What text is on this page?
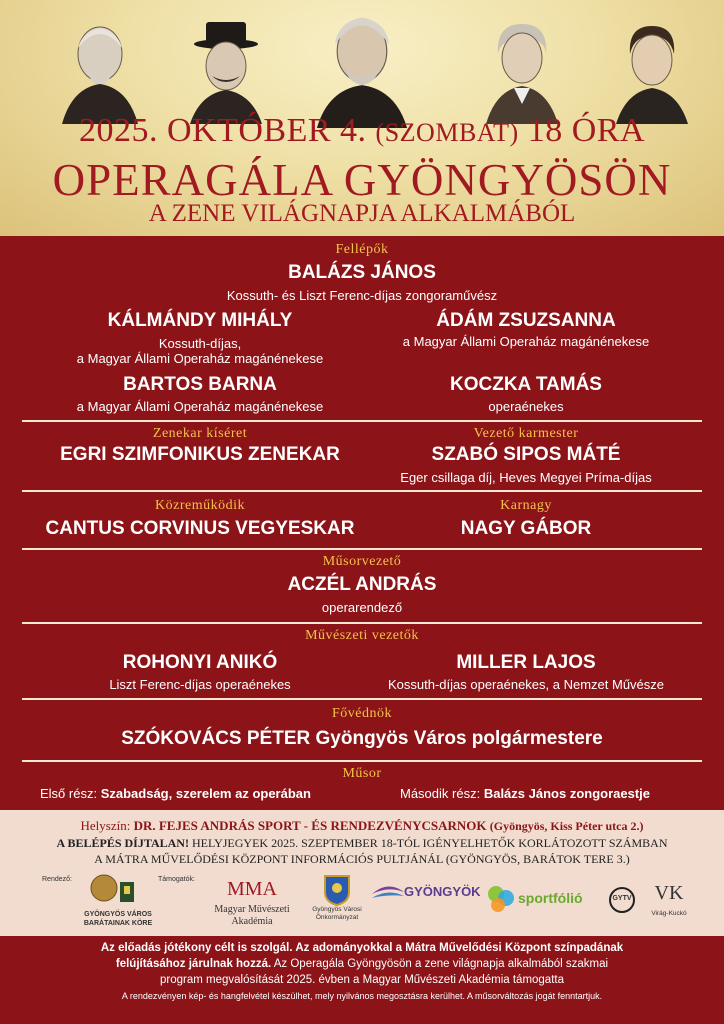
2025. OKTÓBER 4. (SZOMBAT) 18 ÓRA
OPERAGÁLA GYÖNGYÖSÖN
A ZENE VILÁGNAPJA ALKALMÁBÓL
Fellépők
BALÁZS JÁNOS
Kossuth- és Liszt Ferenc-díjas zongoraművész
KÁLMÁNDY MIHÁLY
Kossuth-díjas,
a Magyar Állami Operaház magánénekese
ÁDÁM ZSUZSANNA
a Magyar Állami Operaház magánénekese
BARTOS BARNA
a Magyar Állami Operaház magánénekese
KOCZKA TAMÁS
operaénekes
Zenekar kíséret
EGRI SZIMFONIKUS ZENEKAR
Vezető karmester
SZABÓ SIPOS MÁTÉ
Eger csillaga díj, Heves Megyei Príma-díjas
Közreműködik
CANTUS CORVINUS VEGYESKAR
Karnagy
NAGY GÁBOR
Műsorvezető
ACZÉL ANDRÁS
operarendező
Művészeti vezetők
ROHONYI ANIKÓ
Liszt Ferenc-díjas operaénekes
MILLER LAJOS
Kossuth-díjas operaénekes, a Nemzet Művésze
Fővédnök
SZÓKOVÁCS PÉTER Gyöngyös Város polgármestere
Műsor
Első rész: Szabadság, szerelem az operában	Második rész: Balázs János zongoraestje
Helyszín: DR. FEJES ANDRÁS SPORT - ÉS RENDEZVÉNYCSARNOK (Gyöngyös, Kiss Péter utca 2.)
A BELÉPÉS DÍJTALAN! HELYJEGYEK 2025. SZEPTEMBER 18-TÓL IGÉNYELHETŐK KORLÁTOZOTT SZÁMBAN
A MÁTRA MŰVELŐDÉSI KÖZPONT INFORMÁCIÓS PULTJÁNÁL (GYÖNGYÖS, BARÁTOK TERE 3.)
Rendező:	Támogatók:
GYÖNGYÖS VÁROS
BARÁTAINAK KÖRE
MMA
Magyar Művészeti
Akadémia
Gyöngyös Városi
Önkormányzat
GYÖNGYÖK	sportfólió	GYTV VK
Virág-Kuckó
Az előadás jótékony célt is szolgál. Az adományokkal a Mátra Művelődési Központ színpadának
felújításához járulnak hozzá. Az Operagála Gyöngyösön a zene világnapja alkalmából szakmai
program megvalósítását 2025. évben a Magyar Művészeti Akadémia támogatta
A rendezvényen kép- és hangfelvétel készülhet, mely nyilvános megosztásra kerülhet. A műsorváltozás jogát fenntartjuk.
